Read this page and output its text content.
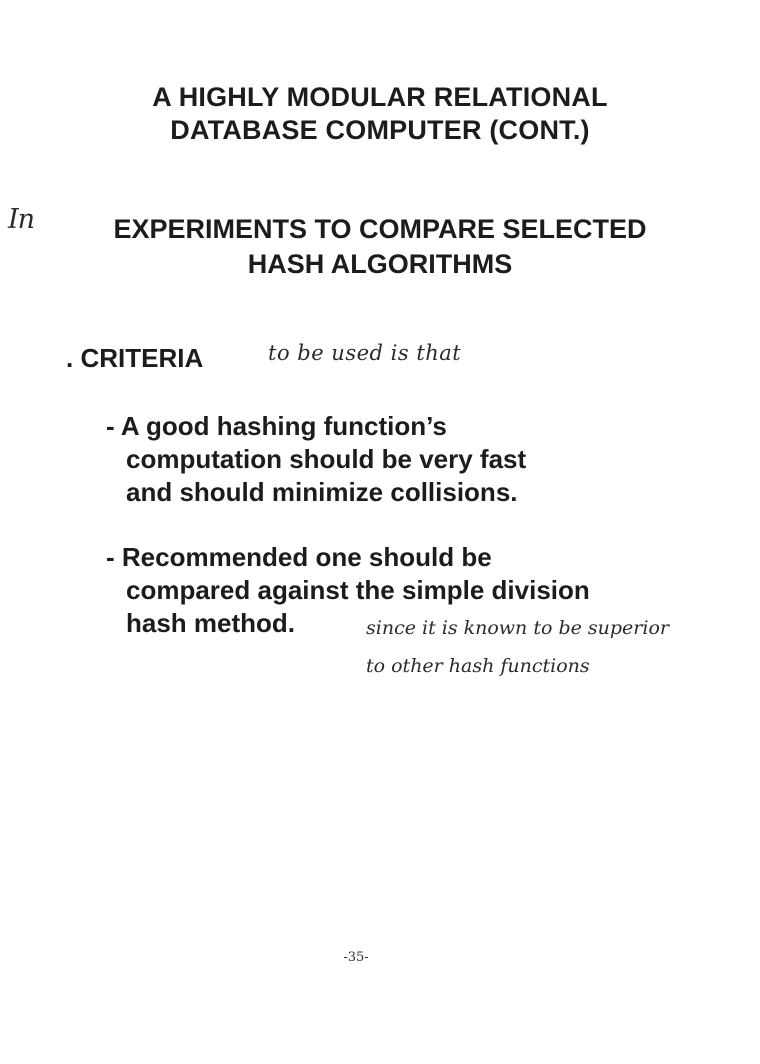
A HIGHLY MODULAR RELATIONAL
DATABASE COMPUTER (CONT.)
In	EXPERIMENTS TO COMPARE SELECTED
HASH ALGORITHMS
. CRITERIA	to be used is that
- A good hashing function’s
computation should be very fast
and should minimize collisions.
- Recommended one should be
compared against the simple division
hash method.	since it is known to be superior
to other hash functions
-35-
